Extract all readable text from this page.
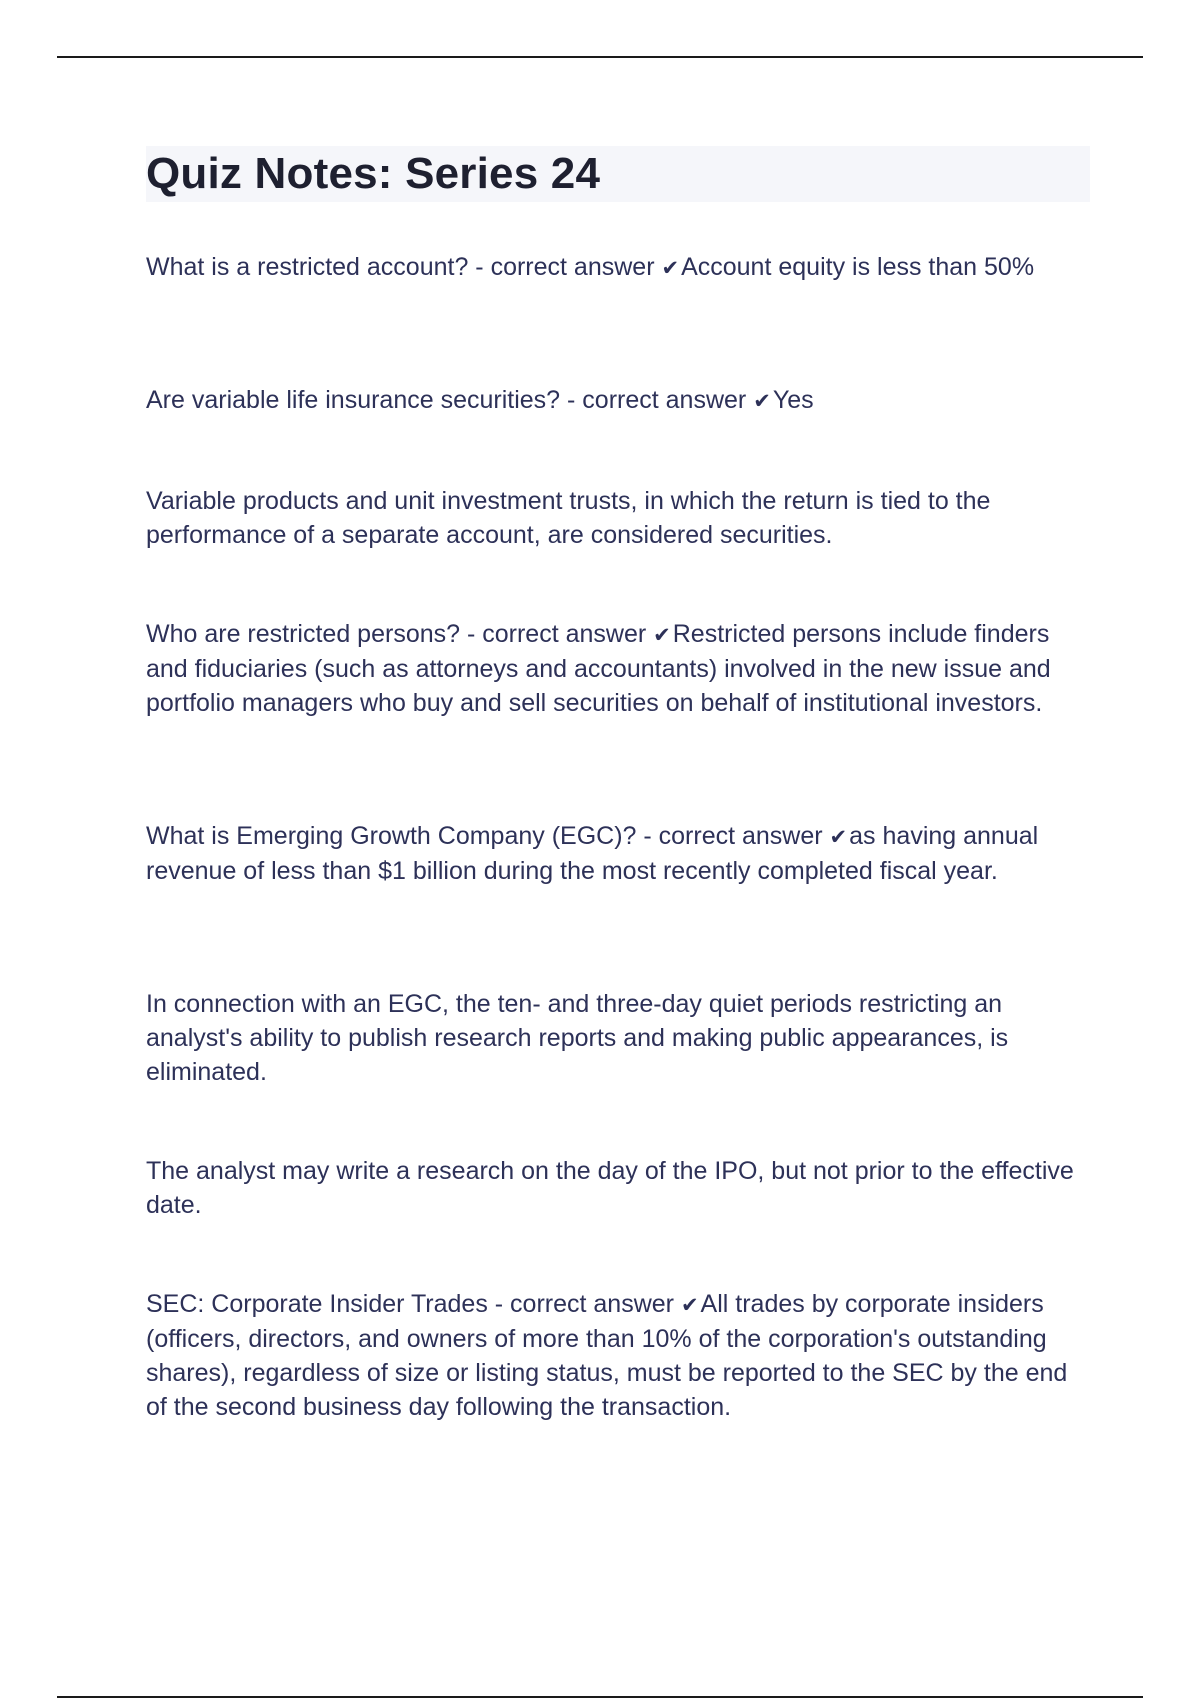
Quiz Notes: Series 24

What is a restricted account? - correct answer ✔Account equity is less than 50%

Are variable life insurance securities? - correct answer ✔Yes

Variable products and unit investment trusts, in which the return is tied to the performance of a separate account, are considered securities.

Who are restricted persons? - correct answer ✔Restricted persons include finders and fiduciaries (such as attorneys and accountants) involved in the new issue and portfolio managers who buy and sell securities on behalf of institutional investors.

What is Emerging Growth Company (EGC)? - correct answer ✔as having annual revenue of less than $1 billion during the most recently completed fiscal year.

In connection with an EGC, the ten- and three-day quiet periods restricting an analyst's ability to publish research reports and making public appearances, is eliminated.

The analyst may write a research on the day of the IPO, but not prior to the effective date.

SEC: Corporate Insider Trades - correct answer ✔All trades by corporate insiders (officers, directors, and owners of more than 10% of the corporation's outstanding shares), regardless of size or listing status, must be reported to the SEC by the end of the second business day following the transaction.
